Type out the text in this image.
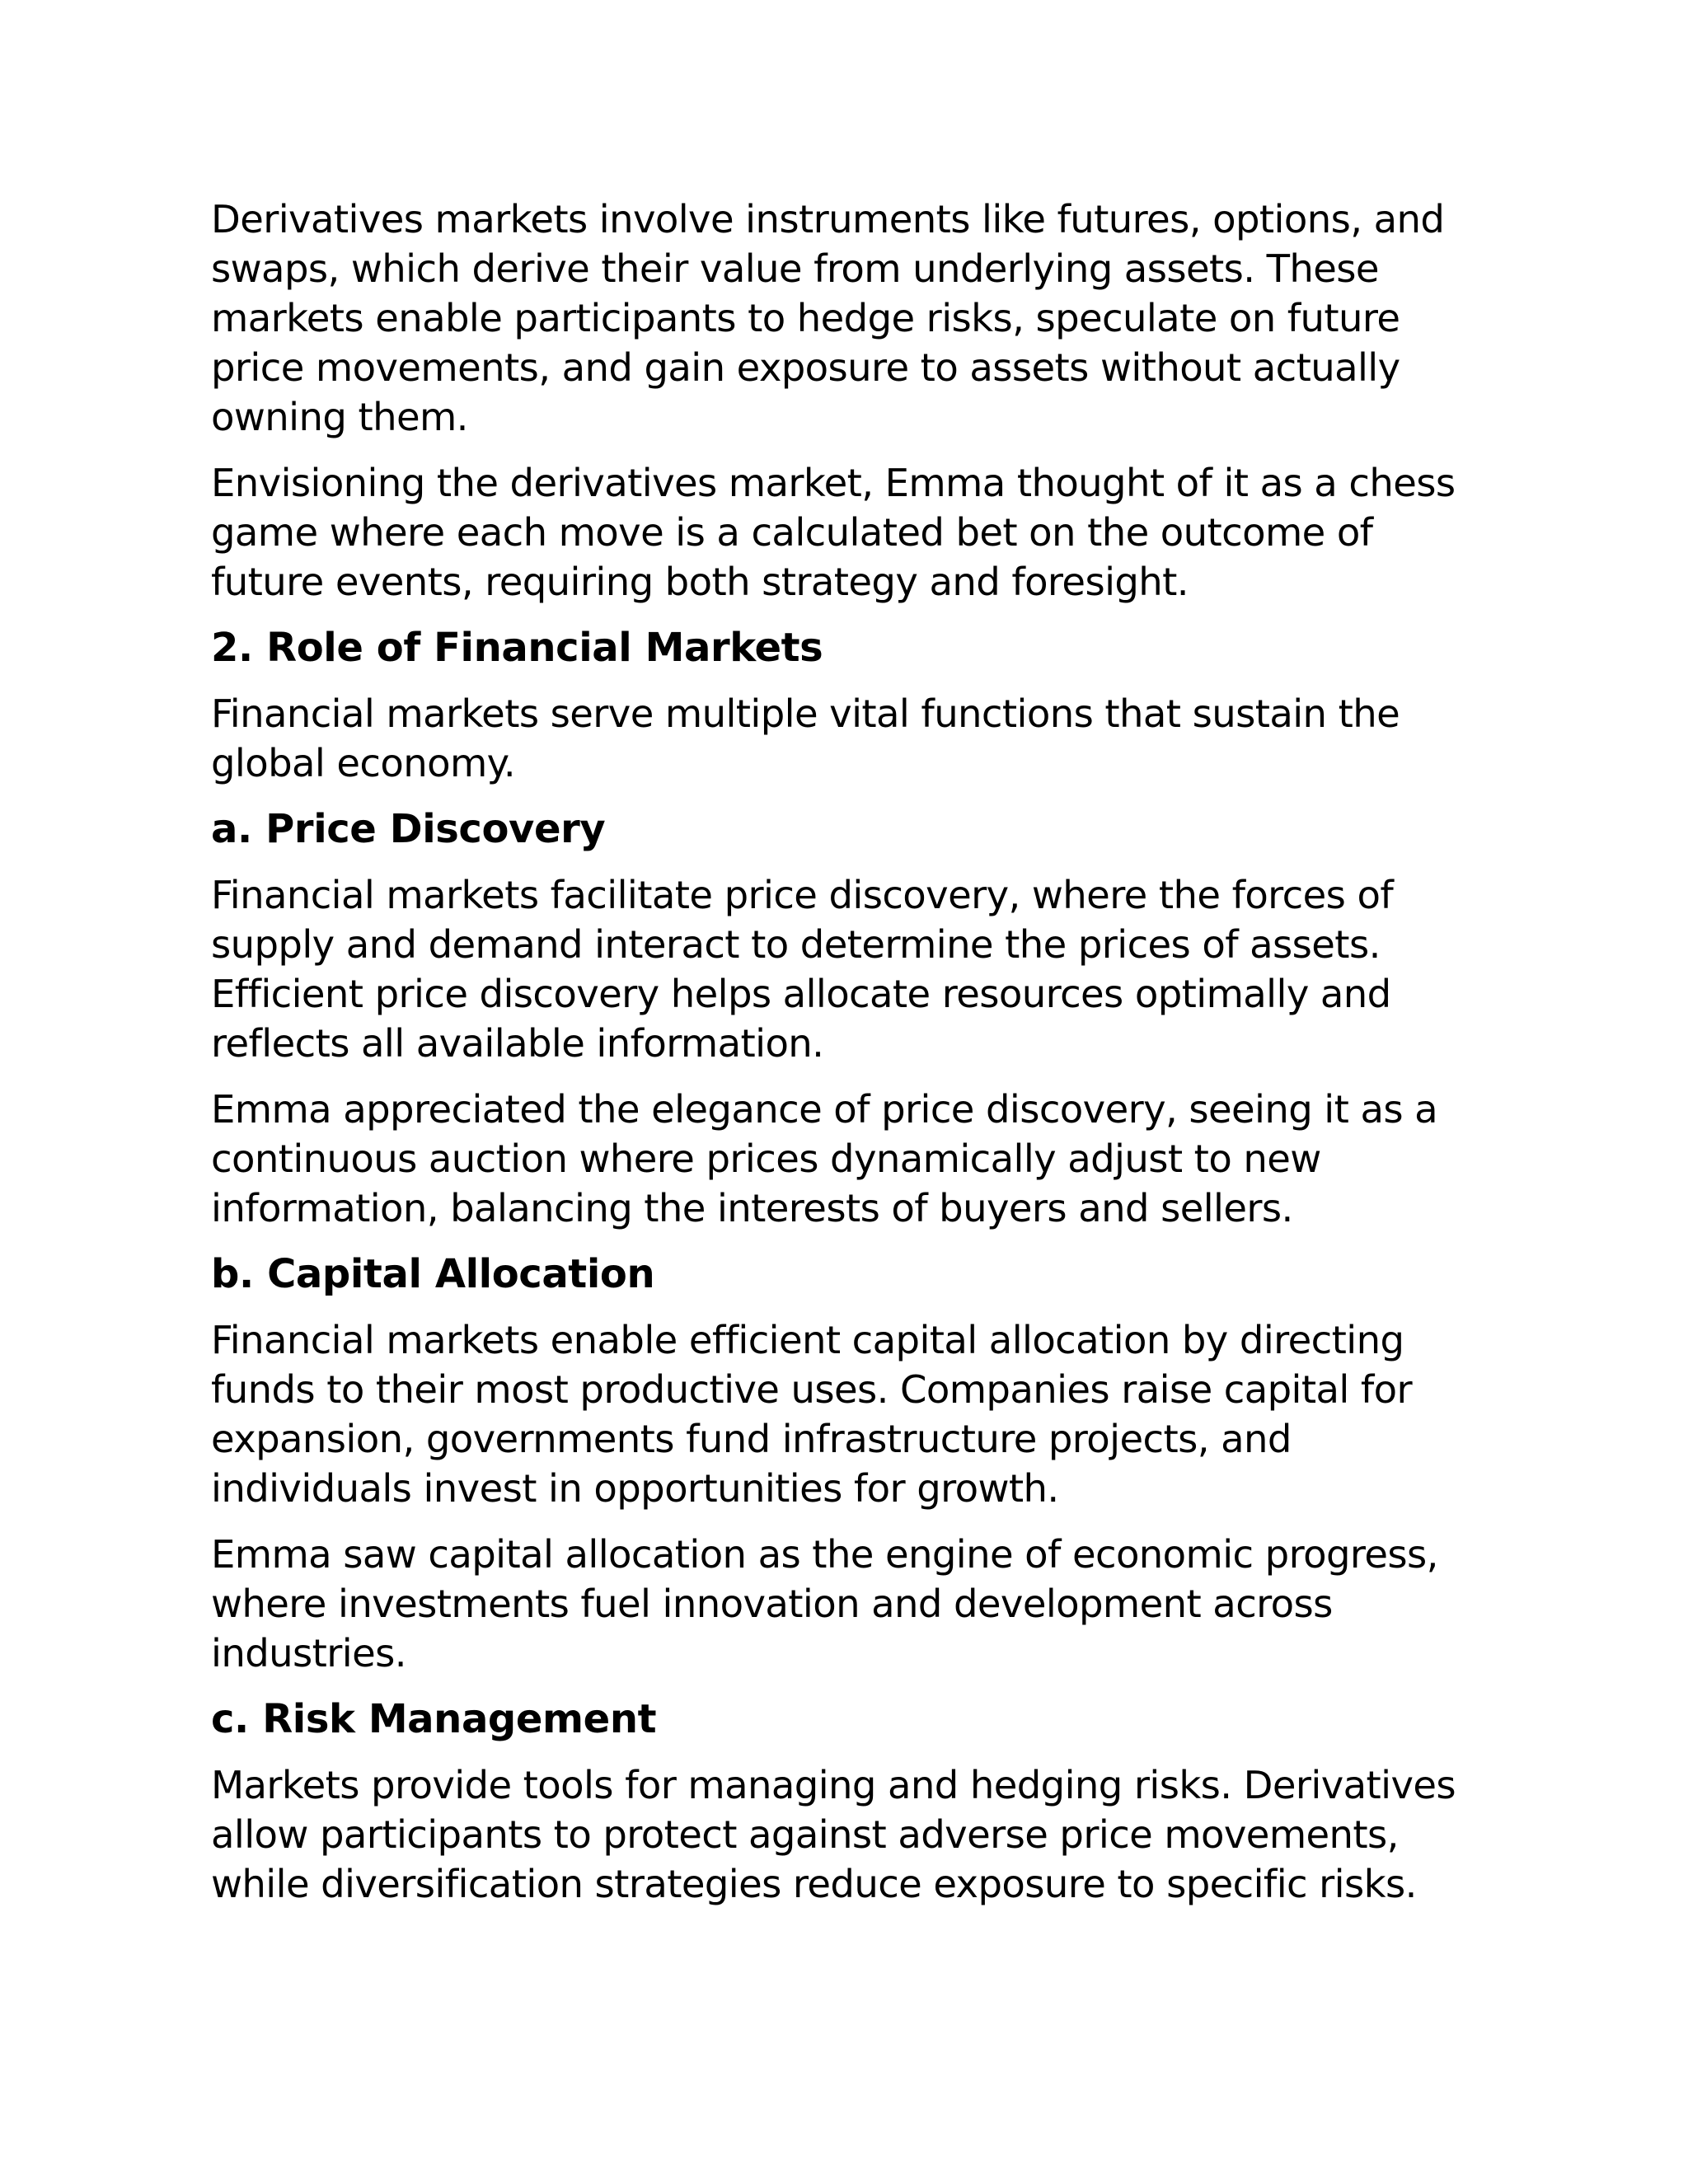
Derivatives markets involve instruments like futures, options, and swaps, which derive their value from underlying assets. These markets enable participants to hedge risks, speculate on future price movements, and gain exposure to assets without actually owning them.

Envisioning the derivatives market, Emma thought of it as a chess game where each move is a calculated bet on the outcome of future events, requiring both strategy and foresight.

2. Role of Financial Markets

Financial markets serve multiple vital functions that sustain the global economy.

a. Price Discovery

Financial markets facilitate price discovery, where the forces of supply and demand interact to determine the prices of assets. Efficient price discovery helps allocate resources optimally and reflects all available information.

Emma appreciated the elegance of price discovery, seeing it as a continuous auction where prices dynamically adjust to new information, balancing the interests of buyers and sellers.

b. Capital Allocation

Financial markets enable efficient capital allocation by directing funds to their most productive uses. Companies raise capital for expansion, governments fund infrastructure projects, and individuals invest in opportunities for growth.

Emma saw capital allocation as the engine of economic progress, where investments fuel innovation and development across industries.

c. Risk Management

Markets provide tools for managing and hedging risks. Derivatives allow participants to protect against adverse price movements, while diversification strategies reduce exposure to specific risks.
